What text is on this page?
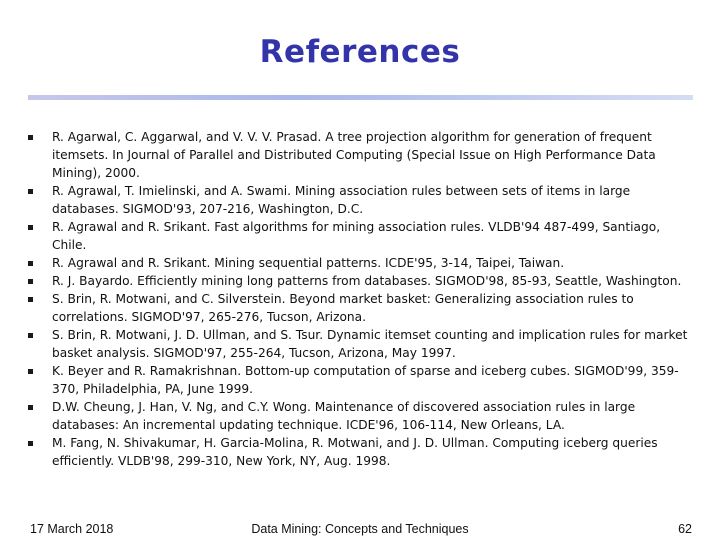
References
R. Agarwal, C. Aggarwal, and V. V. V. Prasad. A tree projection algorithm for generation of frequent itemsets. In Journal of Parallel and Distributed Computing (Special Issue on High Performance Data Mining), 2000.
R. Agrawal, T. Imielinski, and A. Swami. Mining association rules between sets of items in large databases. SIGMOD'93, 207-216, Washington, D.C.
R. Agrawal and R. Srikant. Fast algorithms for mining association rules. VLDB'94 487-499, Santiago, Chile.
R. Agrawal and R. Srikant. Mining sequential patterns. ICDE'95, 3-14, Taipei, Taiwan.
R. J. Bayardo. Efficiently mining long patterns from databases. SIGMOD'98, 85-93, Seattle, Washington.
S. Brin, R. Motwani, and C. Silverstein. Beyond market basket: Generalizing association rules to correlations. SIGMOD'97, 265-276, Tucson, Arizona.
S. Brin, R. Motwani, J. D. Ullman, and S. Tsur. Dynamic itemset counting and implication rules for market basket analysis. SIGMOD'97, 255-264, Tucson, Arizona, May 1997.
K. Beyer and R. Ramakrishnan. Bottom-up computation of sparse and iceberg cubes. SIGMOD'99, 359-370, Philadelphia, PA, June 1999.
D.W. Cheung, J. Han, V. Ng, and C.Y. Wong. Maintenance of discovered association rules in large databases: An incremental updating technique. ICDE'96, 106-114, New Orleans, LA.
M. Fang, N. Shivakumar, H. Garcia-Molina, R. Motwani, and J. D. Ullman. Computing iceberg queries efficiently. VLDB'98, 299-310, New York, NY, Aug. 1998.
17 March 2018	Data Mining: Concepts and Techniques	62
